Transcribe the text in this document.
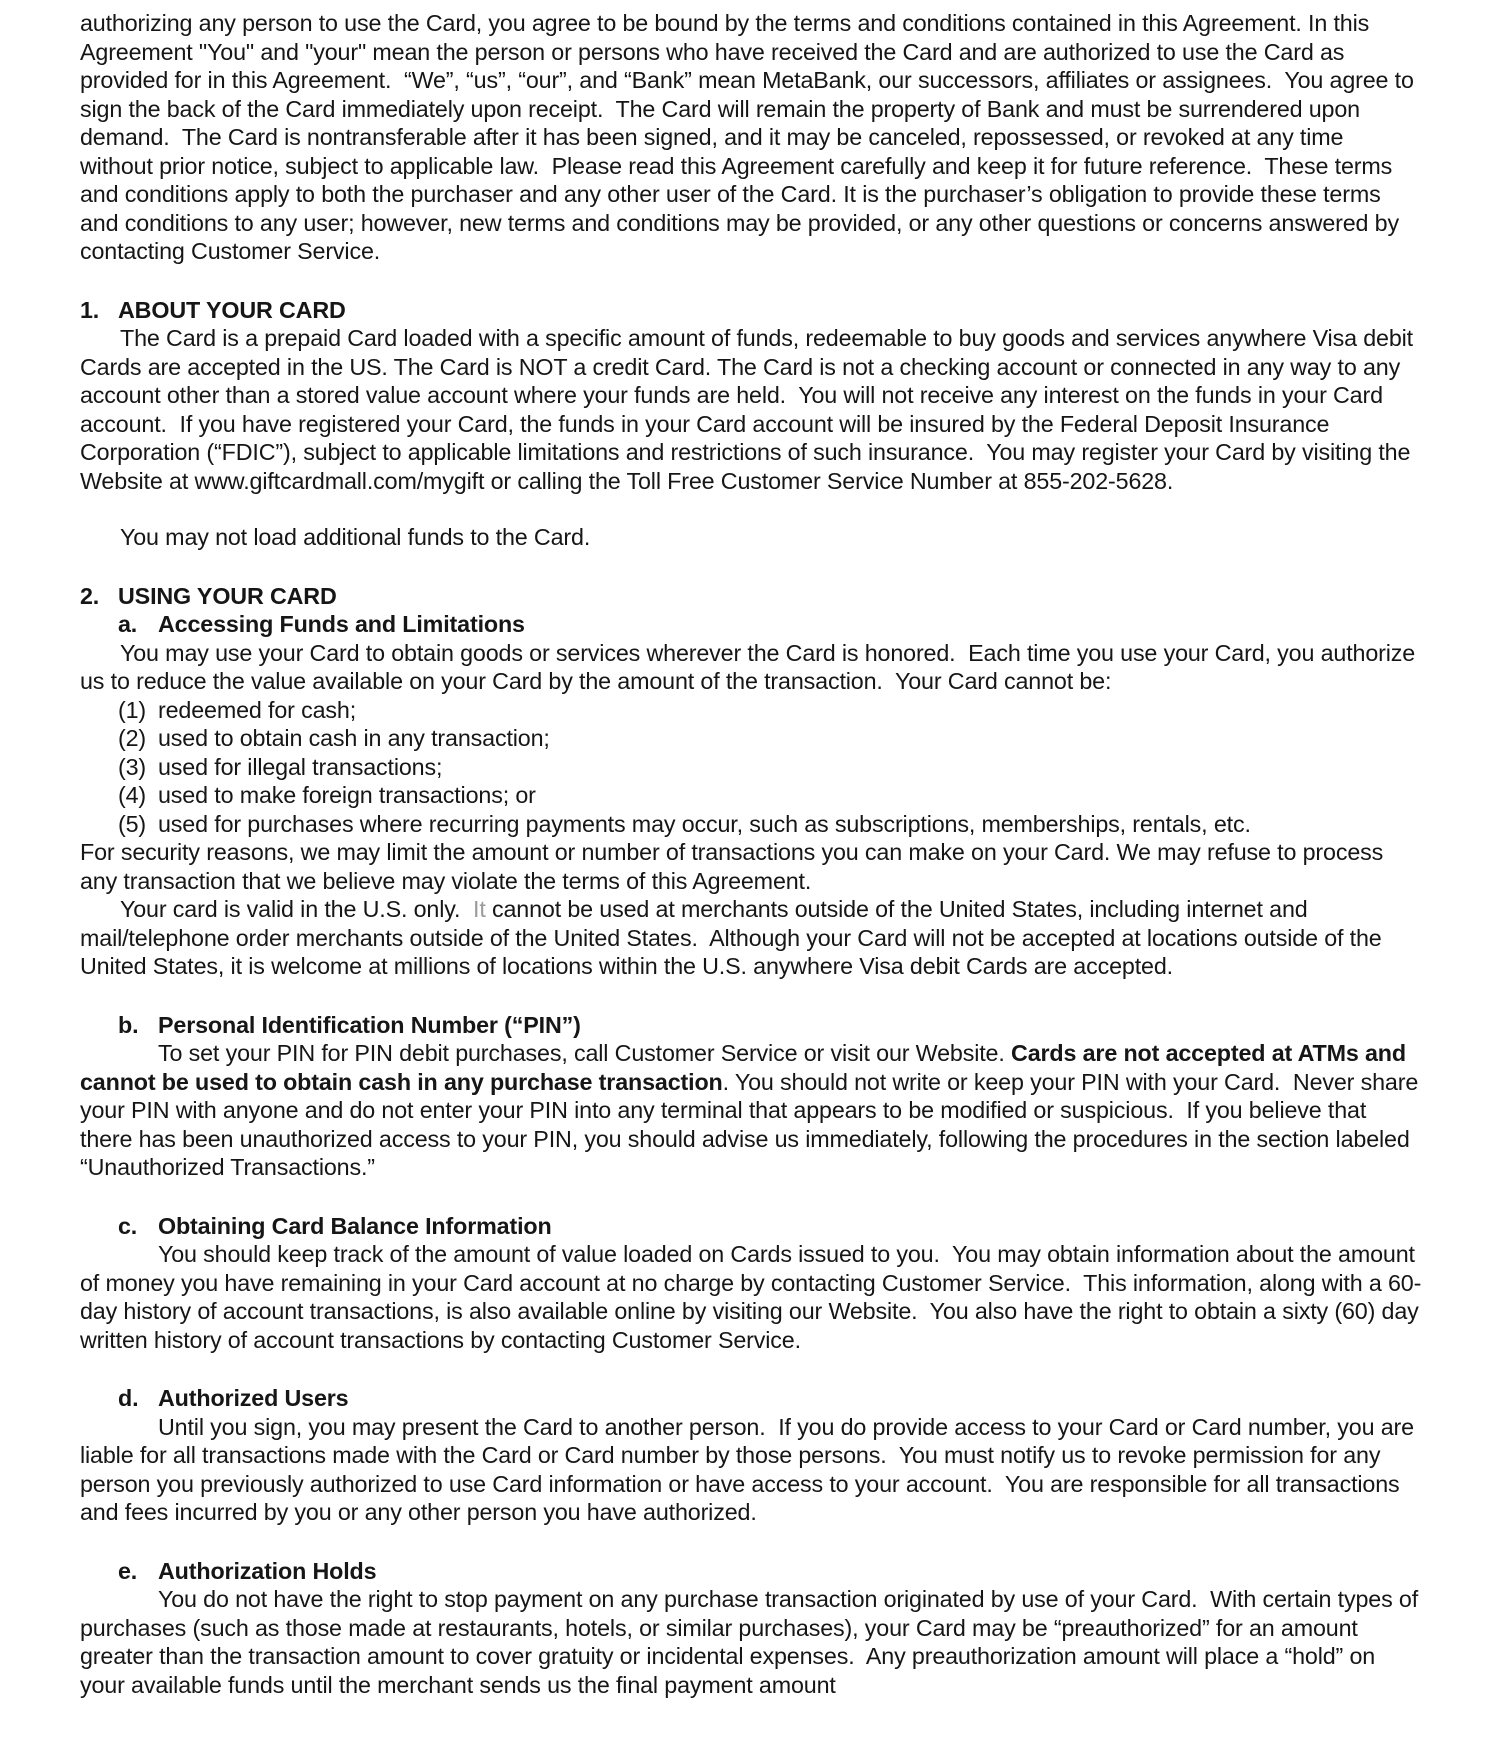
authorizing any person to use the Card, you agree to be bound by the terms and conditions contained in this Agreement. In this Agreement "You" and "your" mean the person or persons who have received the Card and are authorized to use the Card as provided for in this Agreement.  “We”, “us”, “our”, and “Bank” mean MetaBank, our successors, affiliates or assignees.  You agree to sign the back of the Card immediately upon receipt.  The Card will remain the property of Bank and must be surrendered upon demand.  The Card is nontransferable after it has been signed, and it may be canceled, repossessed, or revoked at any time without prior notice, subject to applicable law.  Please read this Agreement carefully and keep it for future reference.  These terms and conditions apply to both the purchaser and any other user of the Card. It is the purchaser’s obligation to provide these terms and conditions to any user; however, new terms and conditions may be provided, or any other questions or concerns answered by contacting Customer Service.

1. ABOUT YOUR CARD

The Card is a prepaid Card loaded with a specific amount of funds, redeemable to buy goods and services anywhere Visa debit Cards are accepted in the US. The Card is NOT a credit Card. The Card is not a checking account or connected in any way to any account other than a stored value account where your funds are held.  You will not receive any interest on the funds in your Card account.  If you have registered your Card, the funds in your Card account will be insured by the Federal Deposit Insurance Corporation (“FDIC”), subject to applicable limitations and restrictions of such insurance.  You may register your Card by visiting the Website at www.giftcardmall.com/mygift or calling the Toll Free Customer Service Number at 855-202-5628.

You may not load additional funds to the Card.

2. USING YOUR CARD
a. Accessing Funds and Limitations

You may use your Card to obtain goods or services wherever the Card is honored.  Each time you use your Card, you authorize us to reduce the value available on your Card by the amount of the transaction.  Your Card cannot be:

(1) redeemed for cash;
(2) used to obtain cash in any transaction;
(3) used for illegal transactions;
(4) used to make foreign transactions; or
(5) used for purchases where recurring payments may occur, such as subscriptions, memberships, rentals, etc.

For security reasons, we may limit the amount or number of transactions you can make on your Card. We may refuse to process any transaction that we believe may violate the terms of this Agreement.

Your card is valid in the U.S. only.  It cannot be used at merchants outside of the United States, including internet and mail/telephone order merchants outside of the United States.  Although your Card will not be accepted at locations outside of the United States, it is welcome at millions of locations within the U.S. anywhere Visa debit Cards are accepted.

b. Personal Identification Number (“PIN”)

To set your PIN for PIN debit purchases, call Customer Service or visit our Website. Cards are not accepted at ATMs and cannot be used to obtain cash in any purchase transaction. You should not write or keep your PIN with your Card.  Never share your PIN with anyone and do not enter your PIN into any terminal that appears to be modified or suspicious.  If you believe that there has been unauthorized access to your PIN, you should advise us immediately, following the procedures in the section labeled “Unauthorized Transactions.”

c. Obtaining Card Balance Information

You should keep track of the amount of value loaded on Cards issued to you.  You may obtain information about the amount of money you have remaining in your Card account at no charge by contacting Customer Service.  This information, along with a 60-day history of account transactions, is also available online by visiting our Website.  You also have the right to obtain a sixty (60) day written history of account transactions by contacting Customer Service.

d. Authorized Users

Until you sign, you may present the Card to another person.  If you do provide access to your Card or Card number, you are liable for all transactions made with the Card or Card number by those persons.  You must notify us to revoke permission for any person you previously authorized to use Card information or have access to your account.  You are responsible for all transactions and fees incurred by you or any other person you have authorized.

e. Authorization Holds

You do not have the right to stop payment on any purchase transaction originated by use of your Card.  With certain types of purchases (such as those made at restaurants, hotels, or similar purchases), your Card may be “preauthorized” for an amount greater than the transaction amount to cover gratuity or incidental expenses.  Any preauthorization amount will place a “hold” on your available funds until the merchant sends us the final payment amount
